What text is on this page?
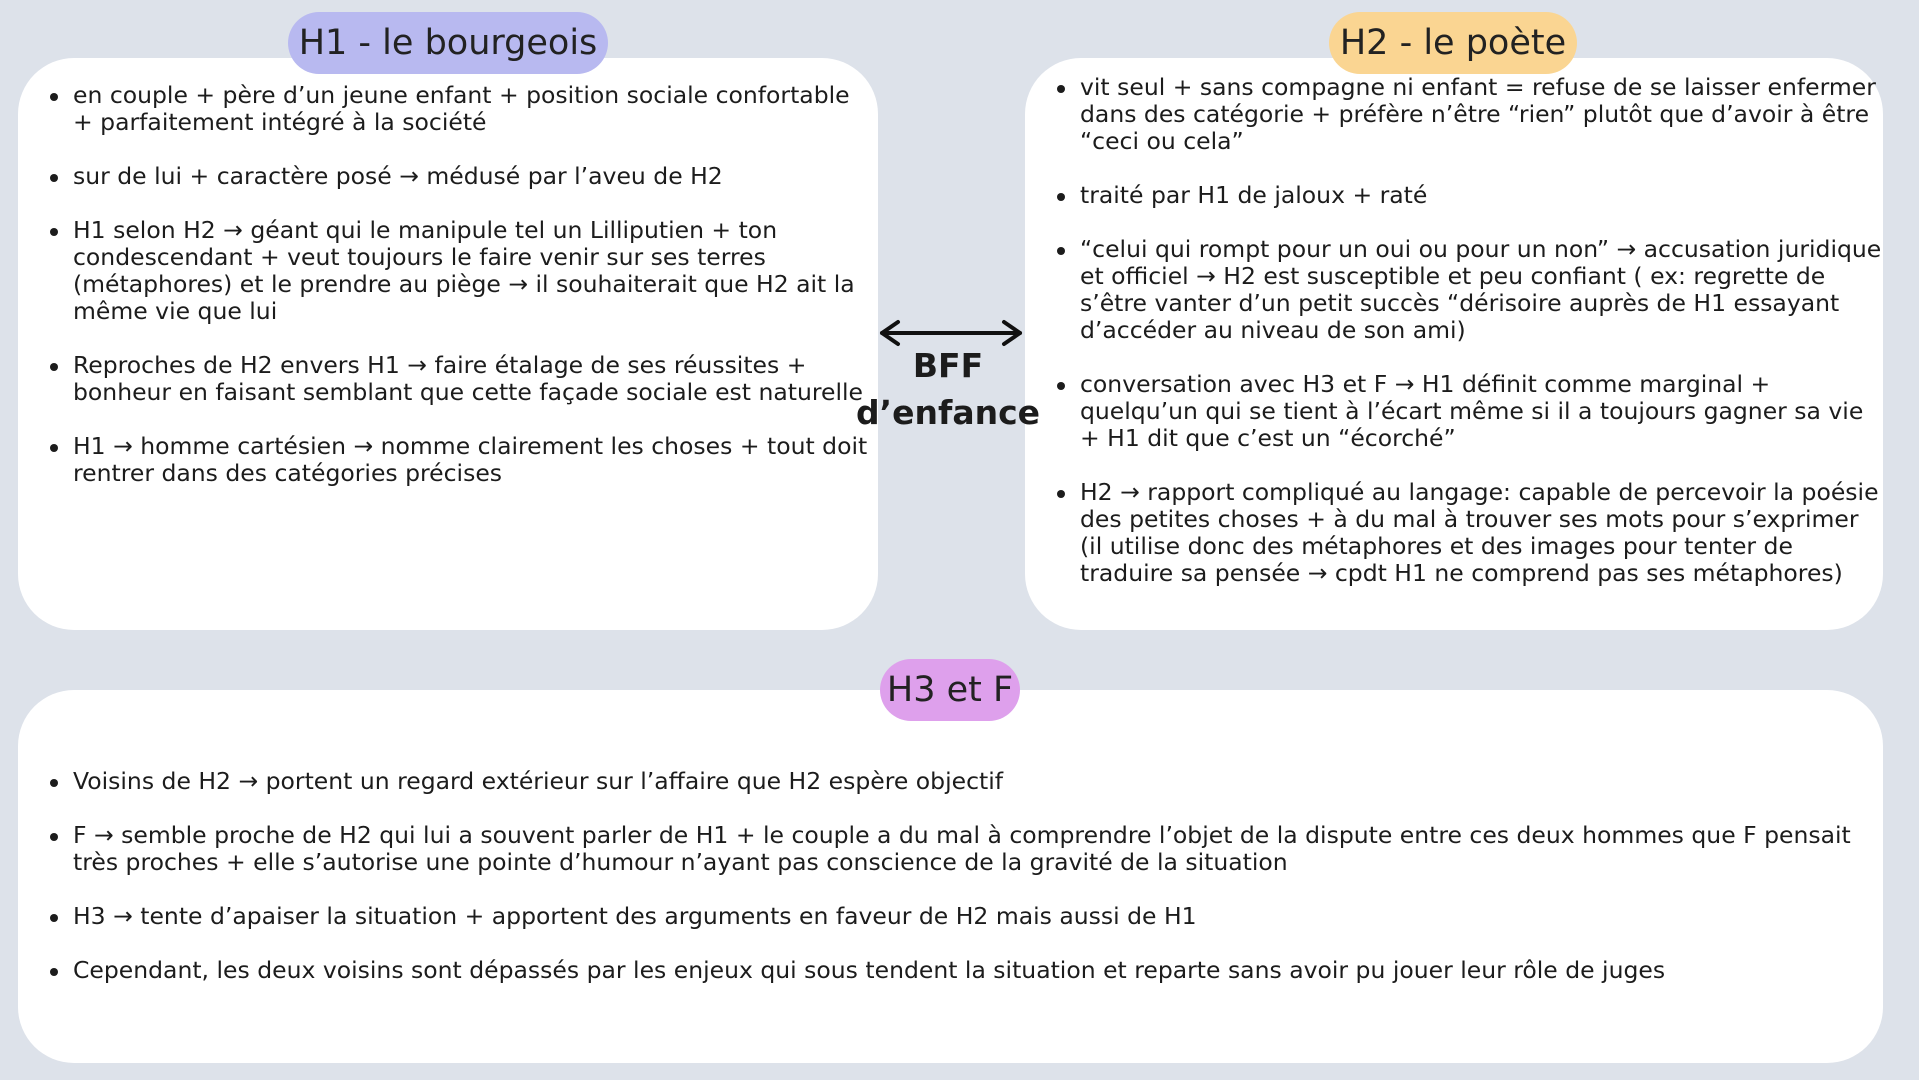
H1 - le bourgeois	H2 - le poète
H3 et F
en couple + père d’un jeune enfant + position sociale confortable + parfaitement intégré à la société
sur de lui + caractère posé → médusé par l’aveu de H2
H1 selon H2 → géant qui le manipule tel un Lilliputien + ton condescendant + veut toujours le faire venir sur ses terres (métaphores) et le prendre au piège → il souhaiterait que H2 ait la même vie que lui
Reproches de H2 envers H1 → faire étalage de ses réussites + bonheur en faisant semblant que cette façade sociale est naturelle
H1 → homme cartésien → nomme clairement les choses + tout doit rentrer dans des catégories précises
vit seul + sans compagne ni enfant = refuse de se laisser enfermer dans des catégorie + préfère n’être “rien” plutôt que d’avoir à être “ceci ou cela”
traité par H1 de jaloux + raté
“celui qui rompt pour un oui ou pour un non” → accusation juridique et officiel → H2 est susceptible et peu confiant ( ex: regrette de s’être vanter d’un petit succès “dérisoire auprès de H1 essayant d’accéder au niveau de son ami)
conversation avec H3 et F → H1 définit comme marginal + quelqu’un qui se tient à l’écart même si il a toujours gagner sa vie + H1 dit que c’est un “écorché”
H2 → rapport compliqué au langage: capable de percevoir la poésie des petites choses + à du mal à trouver ses mots pour s’exprimer (il utilise donc des métaphores et des images pour tenter de traduire sa pensée → cpdt H1 ne comprend pas ses métaphores)
Voisins de H2 → portent un regard extérieur sur l’affaire que H2 espère objectif
F → semble proche de H2 qui lui a souvent parler de H1 + le couple a du mal à comprendre l’objet de la dispute entre ces deux hommes que F pensait très proches + elle s’autorise une pointe d’humour n’ayant pas conscience de la gravité de la situation
H3 → tente d’apaiser la situation + apportent des arguments en faveur de H2 mais aussi de H1
Cependant, les deux voisins sont dépassés par les enjeux qui sous tendent la situation et reparte sans avoir pu jouer leur rôle de juges
BFF
d’enfance
